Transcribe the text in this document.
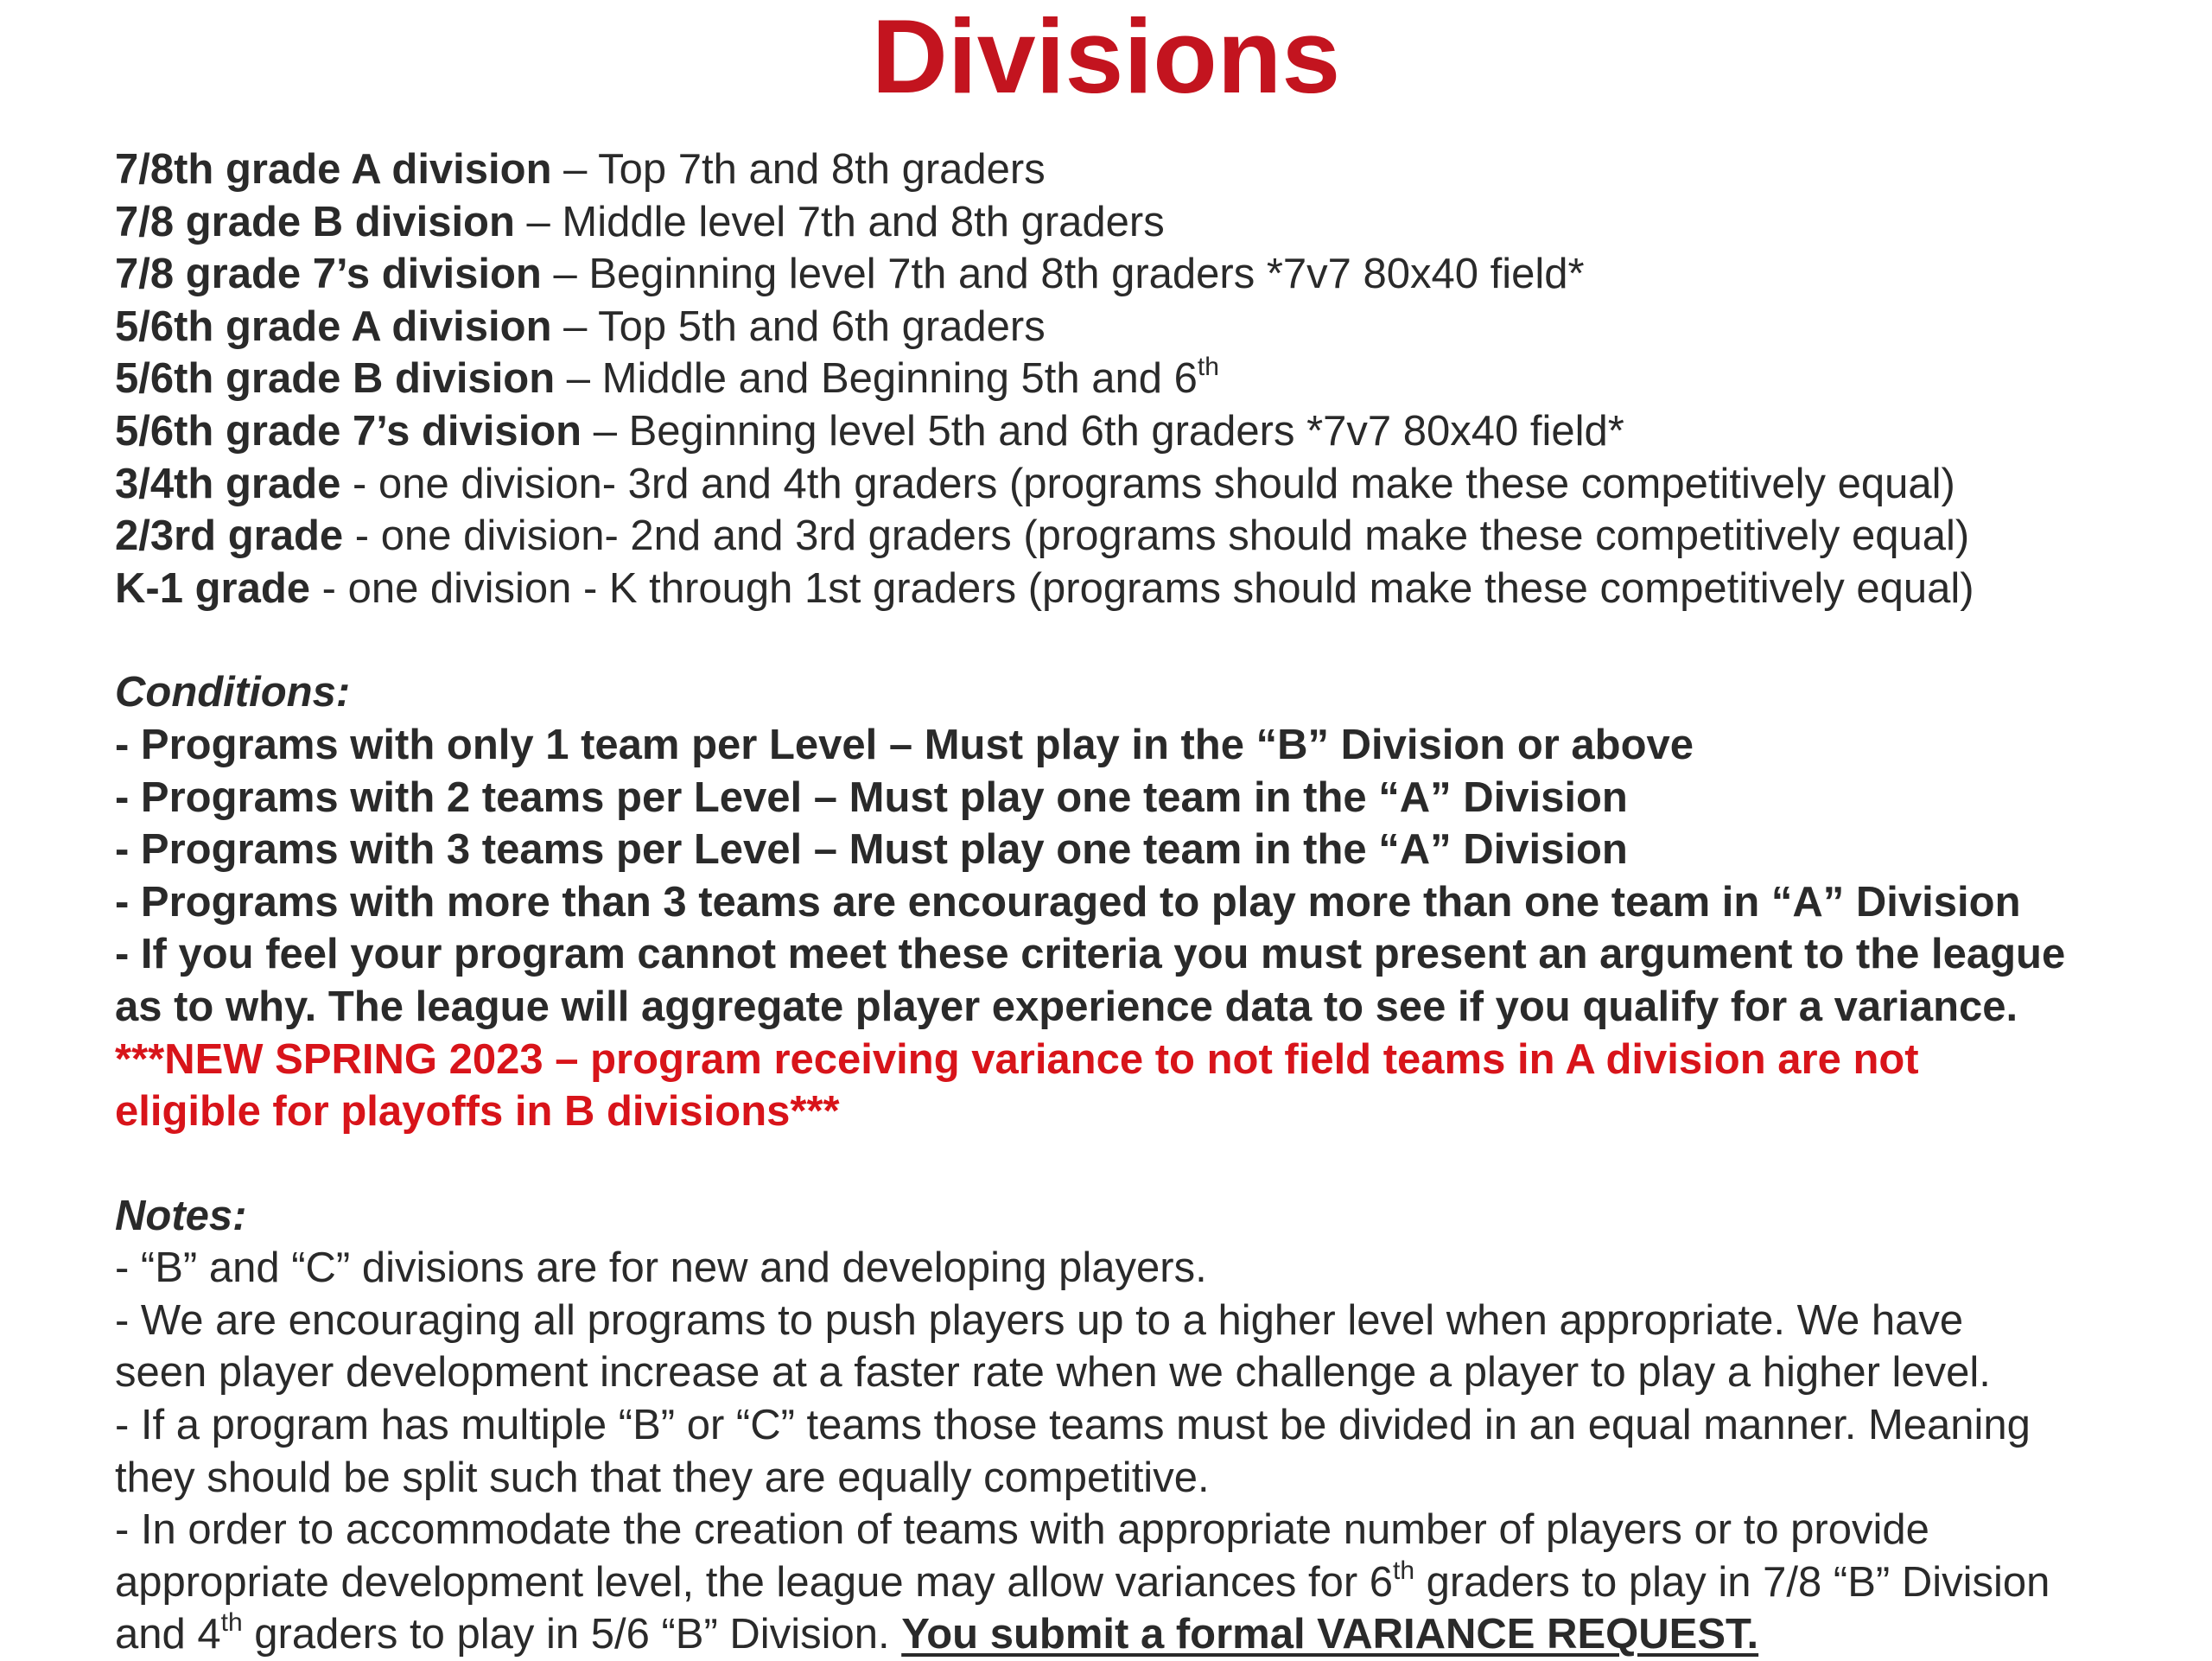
Divisions

7/8th grade A division – Top 7th and 8th graders

7/8 grade B division – Middle level 7th and 8th graders

7/8 grade 7’s division – Beginning level 7th and 8th graders *7v7 80x40 field*

5/6th grade A division – Top 5th and 6th graders

5/6th grade B division – Middle and Beginning 5th and 6th

5/6th grade 7’s division – Beginning level 5th and 6th graders *7v7 80x40 field*

3/4th grade - one division- 3rd and 4th graders (programs should make these competitively equal)

2/3rd grade - one division- 2nd and 3rd graders (programs should make these competitively equal)

K-1 grade - one division - K through 1st graders (programs should make these competitively equal)

Conditions:

- Programs with only 1 team per Level – Must play in the “B” Division or above

- Programs with 2 teams per Level – Must play one team in the “A” Division

- Programs with 3 teams per Level – Must play one team in the “A” Division

- Programs with more than 3 teams are encouraged to play more than one team in “A” Division

- If you feel your program cannot meet these criteria you must present an argument to the league

as to why. The league will aggregate player experience data to see if you qualify for a variance.

***NEW SPRING 2023 – program receiving variance to not field teams in A division are not

eligible for playoffs in B divisions***

Notes:

- “B” and “C” divisions are for new and developing players.

- We are encouraging all programs to push players up to a higher level when appropriate. We have

seen player development increase at a faster rate when we challenge a player to play a higher level.

- If a program has multiple “B” or “C” teams those teams must be divided in an equal manner. Meaning

they should be split such that they are equally competitive.

- In order to accommodate the creation of teams with appropriate number of players or to provide

appropriate development level, the league may allow variances for 6th graders to play in 7/8 “B” Division

and 4th graders to play in 5/6 “B” Division. You submit a formal VARIANCE REQUEST.
